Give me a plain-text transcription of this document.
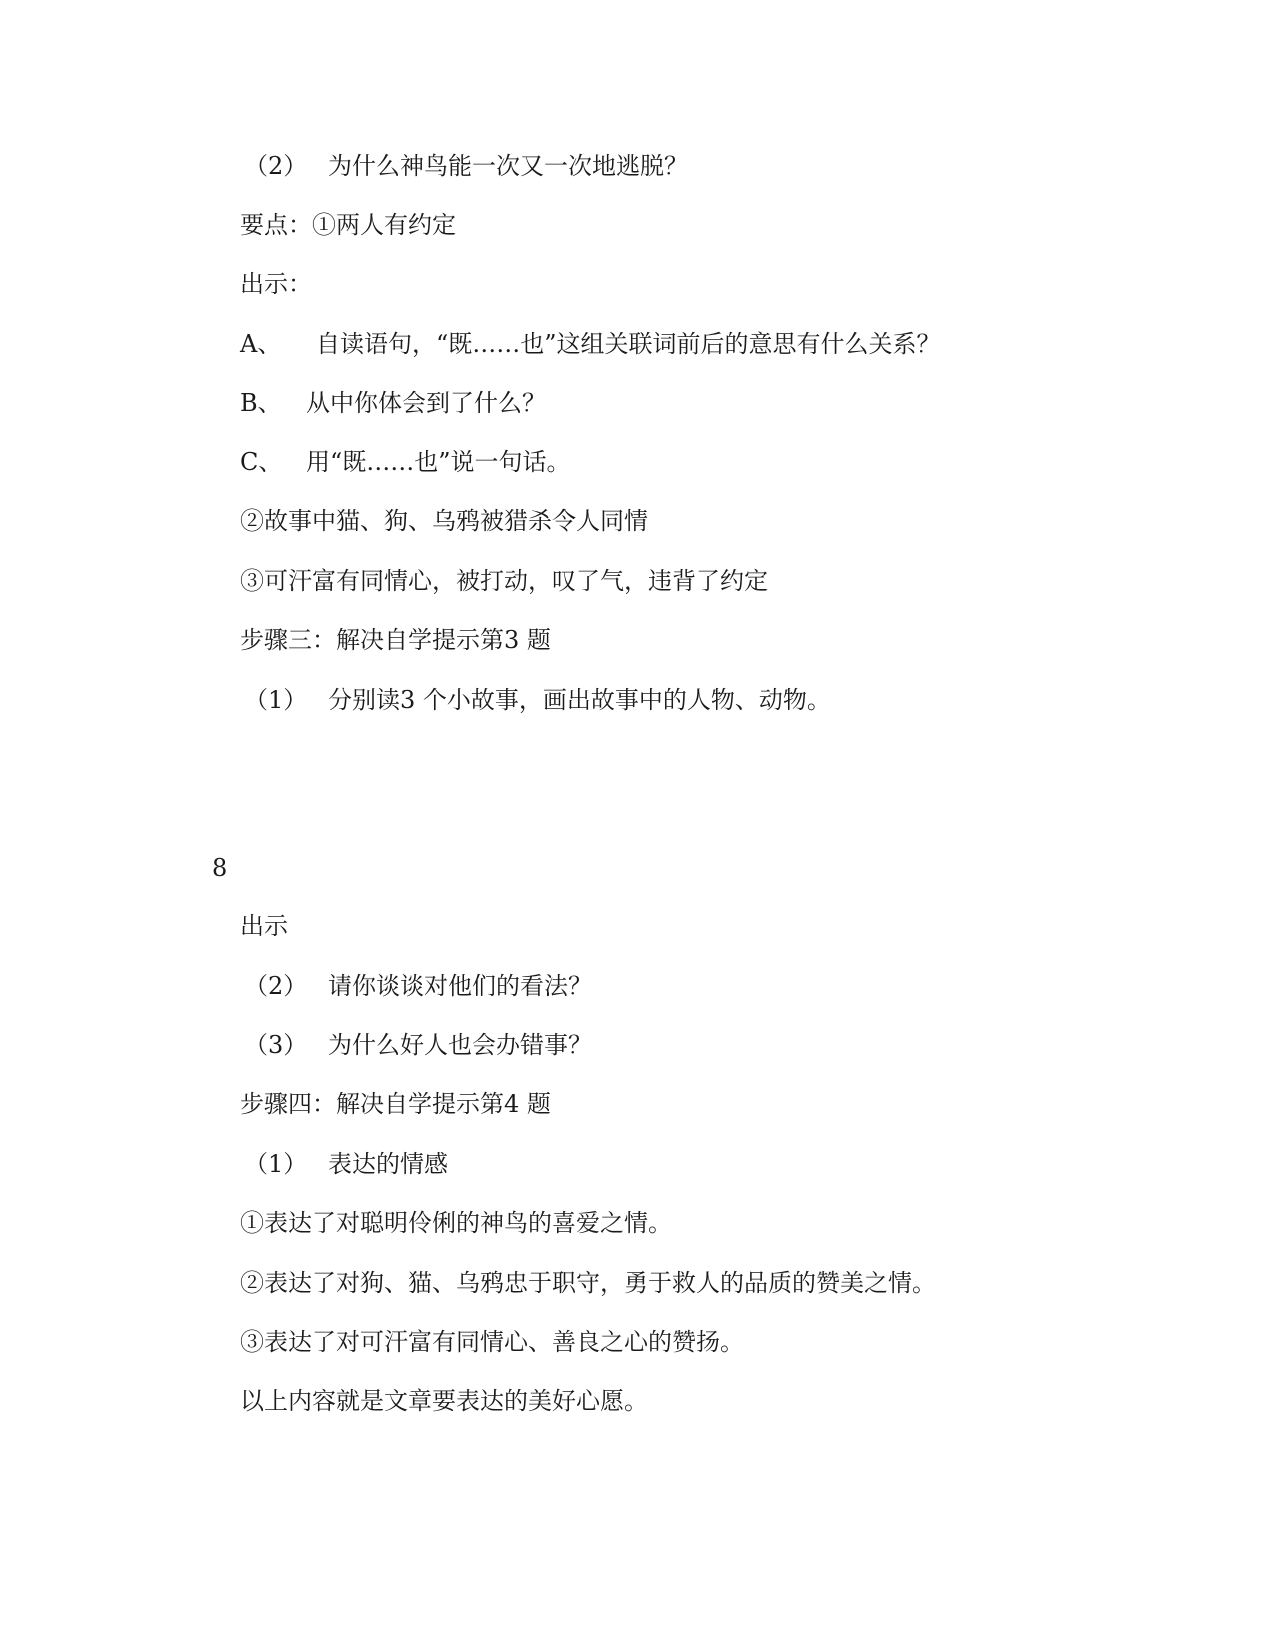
（2） 为什么神鸟能一次又一次地逃脱？
要点：①两人有约定
出示：
A、 自读语句，“既……也”这组关联词前后的意思有什么关系？
B、 从中你体会到了什么？
C、 用“既……也”说一句话。
②故事中猫、狗、乌鸦被猎杀令人同情
③可汗富有同情心，被打动，叹了气，违背了约定
步骤三：解决自学提示第3 题
（1） 分别读3 个小故事，画出故事中的人物、动物。
8
出示
（2） 请你谈谈对他们的看法？
（3） 为什么好人也会办错事？
步骤四：解决自学提示第4 题
（1） 表达的情感
①表达了对聪明伶俐的神鸟的喜爱之情。
②表达了对狗、猫、乌鸦忠于职守，勇于救人的品质的赞美之情。
③表达了对可汗富有同情心、善良之心的赞扬。
以上内容就是文章要表达的美好心愿。
